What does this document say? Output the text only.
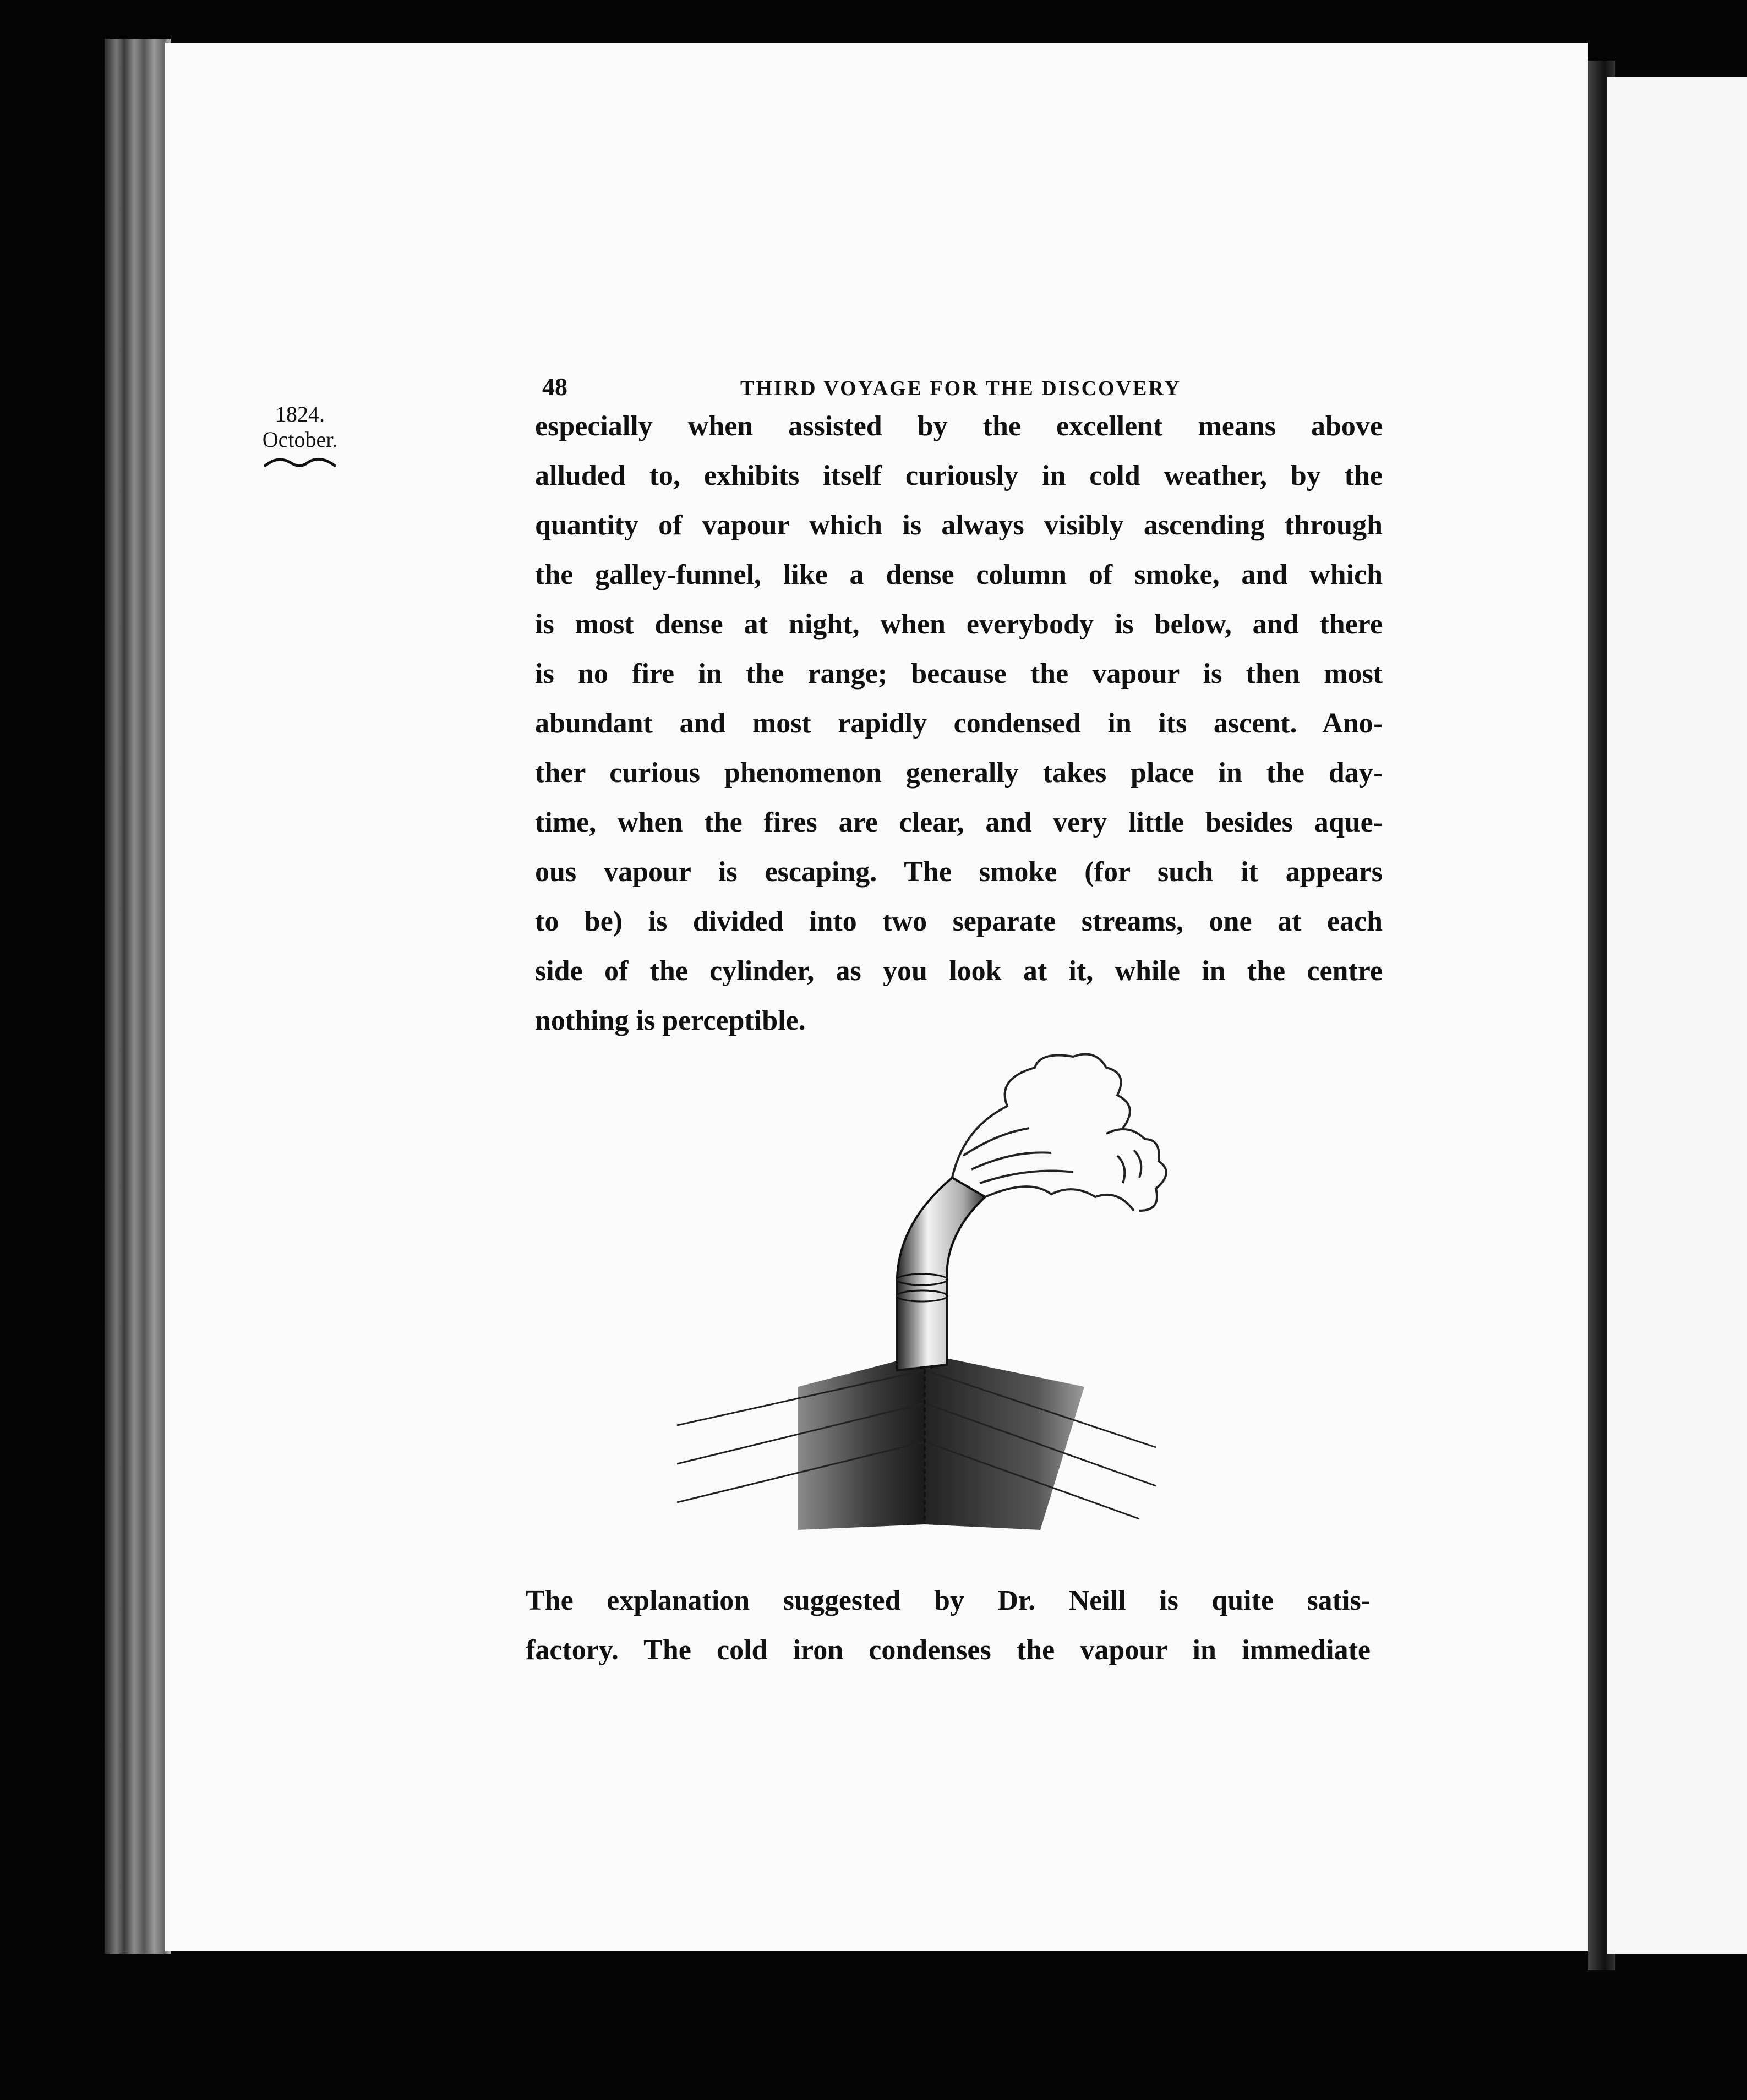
48	THIRD VOYAGE FOR THE DISCOVERY
1824.
October.	especially when assisted by the excellent means above
alluded to, exhibits itself curiously in cold weather, by the
quantity of vapour which is always visibly ascending through
the galley-funnel, like a dense column of smoke, and which
is most dense at night, when everybody is below, and there
is no fire in the range; because the vapour is then most
abundant and most rapidly condensed in its ascent. Ano-
ther curious phenomenon generally takes place in the day-
time, when the fires are clear, and very little besides aque-
ous vapour is escaping. The smoke (for such it appears
to be) is divided into two separate streams, one at each
side of the cylinder, as you look at it, while in the centre
nothing is perceptible.
The explanation suggested by Dr. Neill is quite satis-
factory. The cold iron condenses the vapour in immediate
